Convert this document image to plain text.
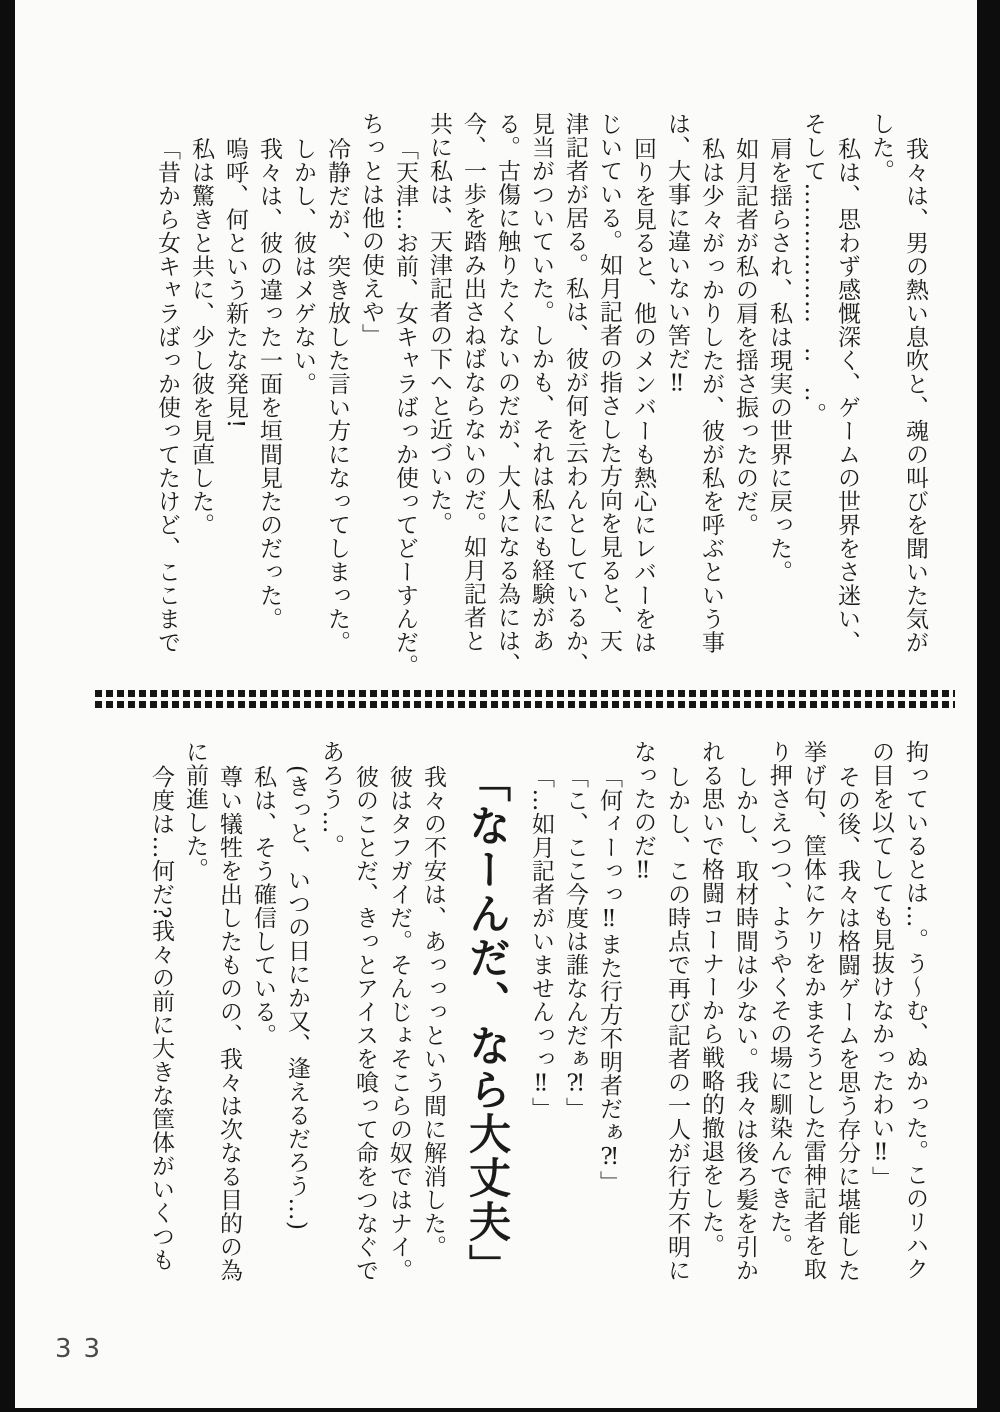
我々は、男の熱い息吹と、魂の叫びを聞いた気が
した。
私は、思わず感慨深く、ゲームの世界をさ迷い、
そして………………　‥　‥。
肩を揺らされ、私は現実の世界に戻った。
如月記者が私の肩を揺さ振ったのだ。
私は少々がっかりしたが、彼が私を呼ぶという事
は、大事に違いない筈だ‼
回りを見ると、他のメンバーも熱心にレバーをは
じいている。如月記者の指さした方向を見ると、天
津記者が居る。私は、彼が何を云わんとしているか、
見当がついていた。しかも、それは私にも経験があ
る。古傷に触りたくないのだが、大人になる為には、
今、一歩を踏み出さねばならないのだ。如月記者と
共に私は、天津記者の下へと近づいた。
「天津…お前、女キャラばっか使ってどーすんだ。
ちっとは他の使えや」
冷静だが、突き放した言い方になってしまった。
しかし、彼はメゲない。
我々は、彼の違った一面を垣間見たのだった。
嗚呼、何という新たな発見!
私は驚きと共に、少し彼を見直した。
「昔から女キャラばっか使ってたけど、ここまで
拘っているとは…。う〜む、ぬかった。このリハク
の目を以てしても見抜けなかったわい‼」
その後、我々は格闘ゲームを思う存分に堪能した
挙げ句、筐体にケリをかまそうとした雷神記者を取
り押さえつつ、ようやくその場に馴染んできた。
しかし、取材時間は少ない。我々は後ろ髪を引か
れる思いで格闘コーナーから戦略的撤退をした。
しかし、この時点で再び記者の一人が行方不明に
なったのだ‼
「何ィーっっ‼また行方不明者だぁ⁈」
「こ、ここ今度は誰なんだぁ⁈」
「…如月記者がいませんっっ‼」
「なーんだ、なら大丈夫」
我々の不安は、あっっっという間に解消した。
彼はタフガイだ。そんじょそこらの奴ではナイ。
彼のことだ、きっとアイスを喰って命をつなぐで
あろう…。
(きっと、いつの日にか又、逢えるだろう…)
私は、そう確信している。
尊い犠牲を出したものの、我々は次なる目的の為
に前進した。
今度は…何だ?我々の前に大きな筐体がいくつも
33
